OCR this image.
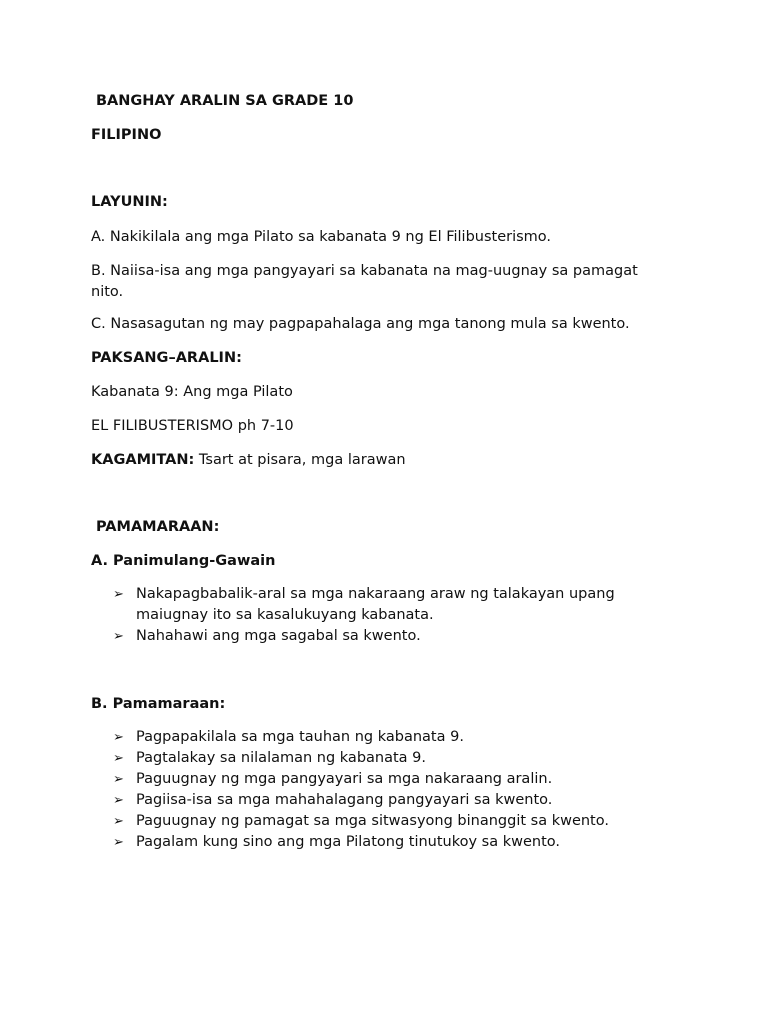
BANGHAY ARALIN SA GRADE 10
FILIPINO
LAYUNIN:
A. Nakikilala ang mga Pilato sa kabanata 9 ng El Filibusterismo.
B. Naiisa-isa ang mga pangyayari sa kabanata na mag-uugnay sa pamagat nito.
C. Nasasagutan ng may pagpapahalaga ang mga tanong mula sa kwento.
PAKSANG–ARALIN:
Kabanata 9: Ang mga Pilato
EL FILIBUSTERISMO ph 7-10
KAGAMITAN: Tsart at pisara, mga larawan
PAMAMARAAN:
A. Panimulang-Gawain
➢ Nakapagbabalik-aral sa mga nakaraang araw ng talakayan upang maiugnay ito sa kasalukuyang kabanata.
➢ Nahahawi ang mga sagabal sa kwento.
B. Pamamaraan:
➢ Pagpapakilala sa mga tauhan ng kabanata 9.
➢ Pagtalakay sa nilalaman ng kabanata 9.
➢ Paguugnay ng mga pangyayari sa mga nakaraang aralin.
➢ Pagiisa-isa sa mga mahahalagang pangyayari sa kwento.
➢ Paguugnay ng pamagat sa mga sitwasyong binanggit sa kwento.
➢ Pagalam kung sino ang mga Pilatong tinutukoy sa kwento.
